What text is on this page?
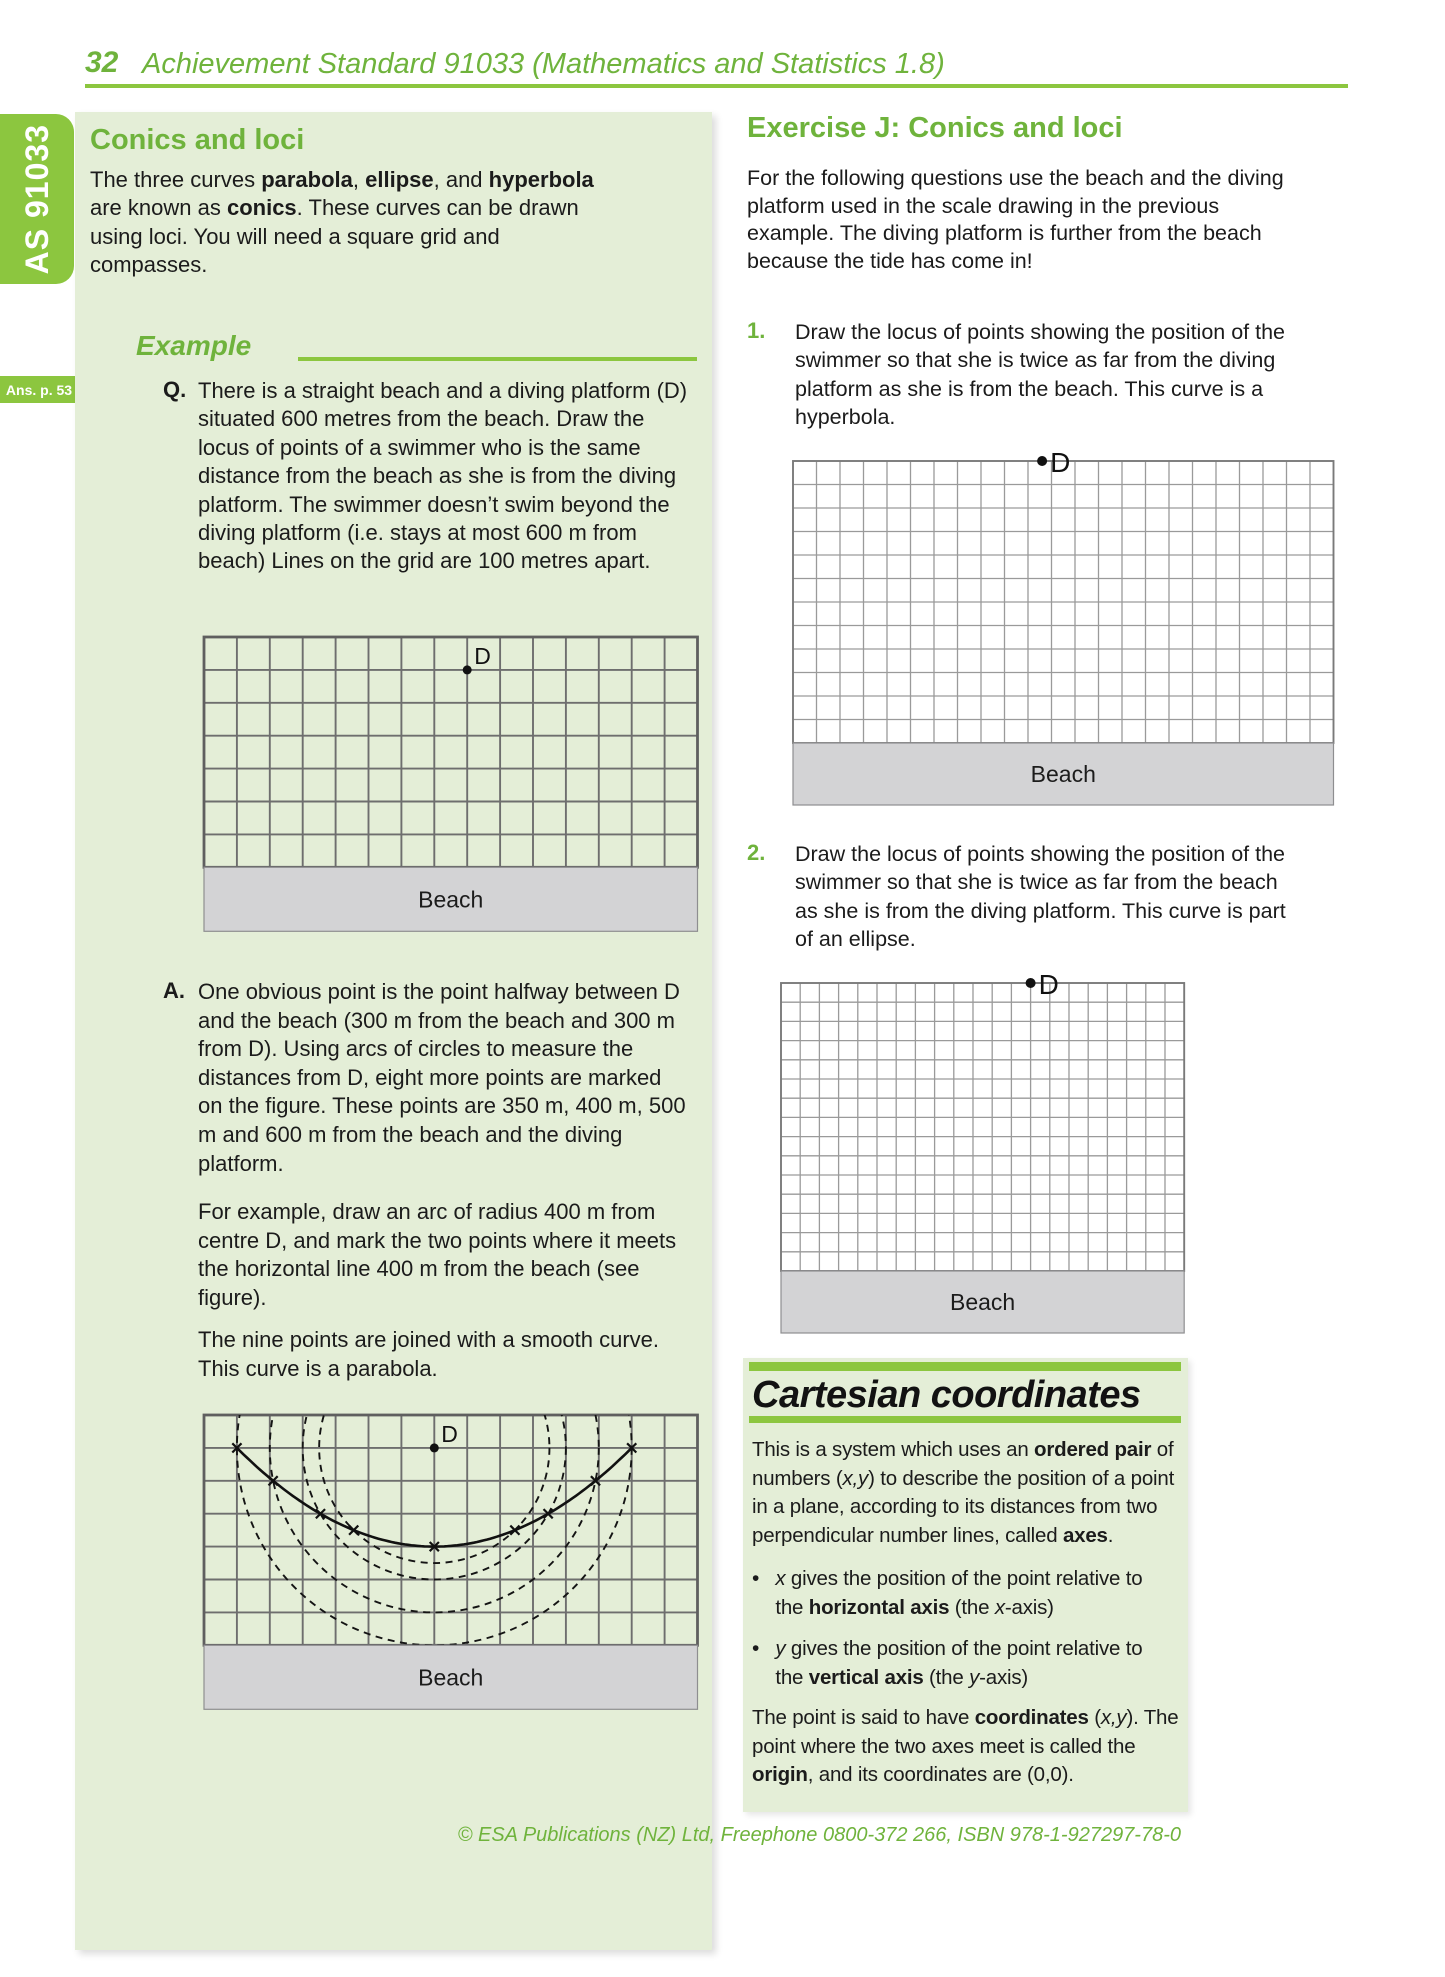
32 Achievement Standard 91033 (Mathematics and Statistics 1.8)
AS 91033
Ans. p. 53
Conics and loci

The three curves parabola, ellipse, and hyperbola are known as conics. These curves can be drawn using loci. You will need a square grid and compasses.

Example
Q. There is a straight beach and a diving platform (D) situated 600 metres from the beach. Draw the locus of points of a swimmer who is the same distance from the beach as she is from the diving platform. The swimmer doesn’t swim beyond the diving platform (i.e. stays at most 600 m from beach) Lines on the grid are 100 metres apart.

D
Beach
A. One obvious point is the point halfway between D and the beach (300 m from the beach and 300 m from D). Using arcs of circles to measure the distances from D, eight more points are marked on the figure. These points are 350 m, 400 m, 500 m and 600 m from the beach and the diving platform.

For example, draw an arc of radius 400 m from centre D, and mark the two points where it meets the horizontal line 400 m from the beach (see figure).

The nine points are joined with a smooth curve. This curve is a parabola.

D
Beach
Exercise J: Conics and loci

For the following questions use the beach and the diving platform used in the scale drawing in the previous example. The diving platform is further from the beach because the tide has come in!

1. Draw the locus of points showing the position of the swimmer so that she is twice as far from the diving platform as she is from the beach. This curve is a hyperbola.

D
Beach
2. Draw the locus of points showing the position of the swimmer so that she is twice as far from the beach as she is from the diving platform. This curve is part of an ellipse.

D
Beach
Cartesian coordinates

This is a system which uses an ordered pair of numbers (x,y) to describe the position of a point in a plane, according to its distances from two perpendicular number lines, called axes.

• x gives the position of the point relative to the horizontal axis (the x-axis)
• y gives the position of the point relative to the vertical axis (the y-axis)

The point is said to have coordinates (x,y). The point where the two axes meet is called the origin, and its coordinates are (0,0).

© ESA Publications (NZ) Ltd, Freephone 0800-372 266, ISBN 978-1-927297-78-0
